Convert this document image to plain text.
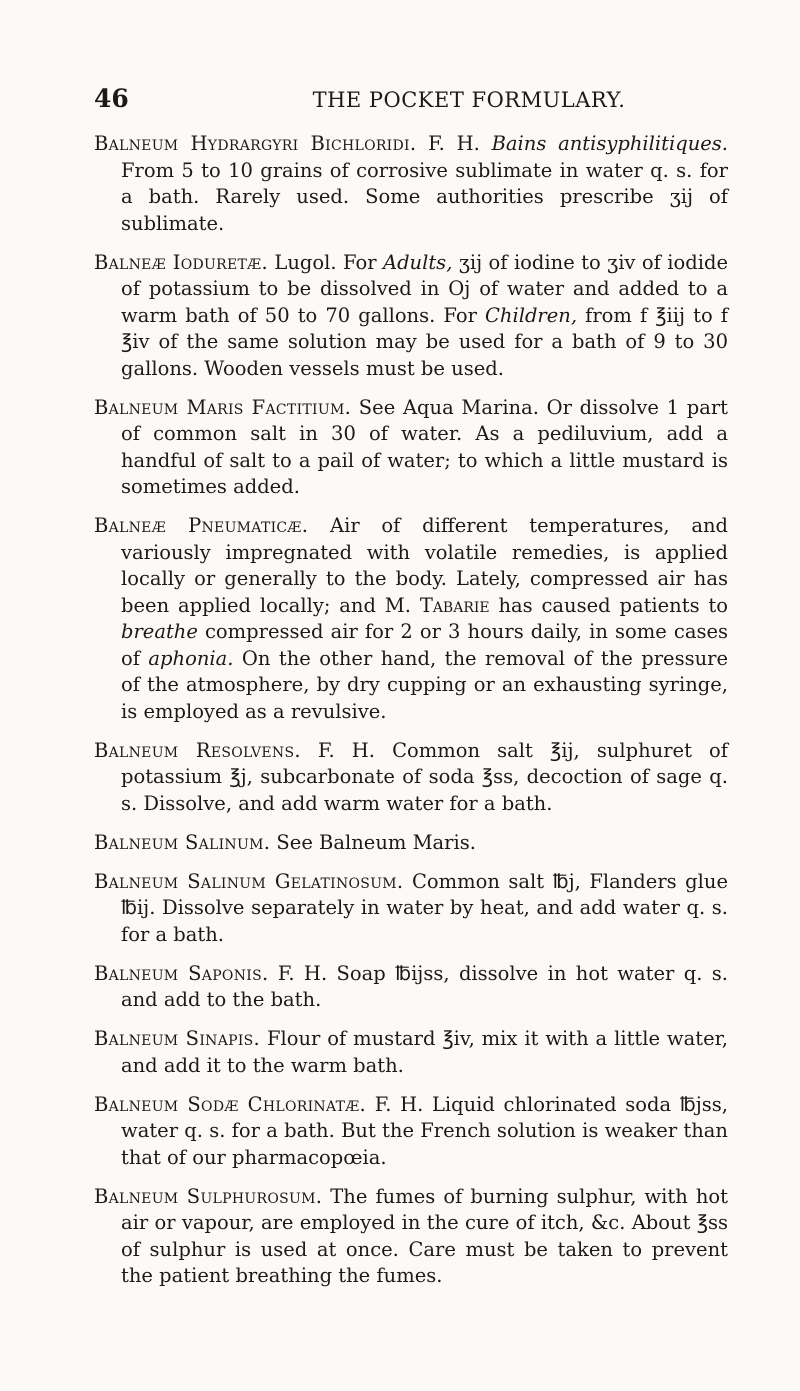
46	THE POCKET FORMULARY.

Balneum Hydrargyri Bichloridi. F. H. Bains antisyphilitiques. From 5 to 10 grains of corrosive sublimate in water q. s. for a bath. Rarely used. Some authorities prescribe ʒij of sublimate.

Balneæ Ioduretæ. Lugol. For Adults, ʒij of iodine to ʒiv of iodide of potassium to be dissolved in Oj of water and added to a warm bath of 50 to 70 gallons. For Children, from f ℥iij to f ℥iv of the same solution may be used for a bath of 9 to 30 gallons. Wooden vessels must be used.

Balneum Maris Factitium. See Aqua Marina. Or dissolve 1 part of common salt in 30 of water. As a pediluvium, add a handful of salt to a pail of water; to which a little mustard is sometimes added.

Balneæ Pneumaticæ. Air of different temperatures, and variously impregnated with volatile remedies, is applied locally or generally to the body. Lately, compressed air has been applied locally; and M. Tabarie has caused patients to breathe compressed air for 2 or 3 hours daily, in some cases of aphonia. On the other hand, the removal of the pressure of the atmosphere, by dry cupping or an exhausting syringe, is employed as a revulsive.

Balneum Resolvens. F. H. Common salt ℥ij, sulphuret of potassium ℥j, subcarbonate of soda ℥ss, decoction of sage q. s. Dissolve, and add warm water for a bath.

Balneum Salinum. See Balneum Maris.

Balneum Salinum Gelatinosum. Common salt ℔j, Flanders glue ℔ij. Dissolve separately in water by heat, and add water q. s. for a bath.

Balneum Saponis. F. H. Soap ℔ijss, dissolve in hot water q. s. and add to the bath.

Balneum Sinapis. Flour of mustard ℥iv, mix it with a little water, and add it to the warm bath.

Balneum Sodæ Chlorinatæ. F. H. Liquid chlorinated soda ℔jss, water q. s. for a bath. But the French solution is weaker than that of our pharmacopœia.

Balneum Sulphurosum. The fumes of burning sulphur, with hot air or vapour, are employed in the cure of itch, &c. About ℥ss of sulphur is used at once. Care must be taken to prevent the patient breathing the fumes.
